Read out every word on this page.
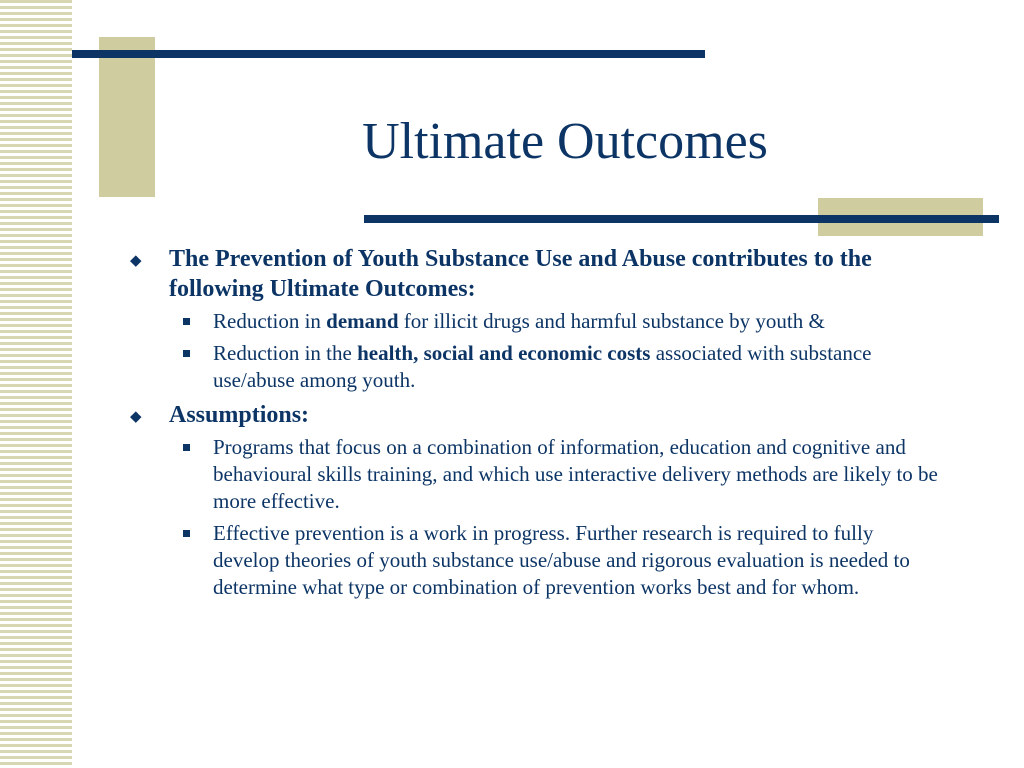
Ultimate Outcomes
◆ The Prevention of Youth Substance Use and Abuse contributes to the following Ultimate Outcomes:
Reduction in demand for illicit drugs and harmful substance by youth &
Reduction in the health, social and economic costs associated with substance use/abuse among youth.
◆ Assumptions:
Programs that focus on a combination of information, education and cognitive and behavioural skills training, and which use interactive delivery methods are likely to be more effective.
Effective prevention is a work in progress. Further research is required to fully develop theories of youth substance use/abuse and rigorous evaluation is needed to determine what type or combination of prevention works best and for whom.
